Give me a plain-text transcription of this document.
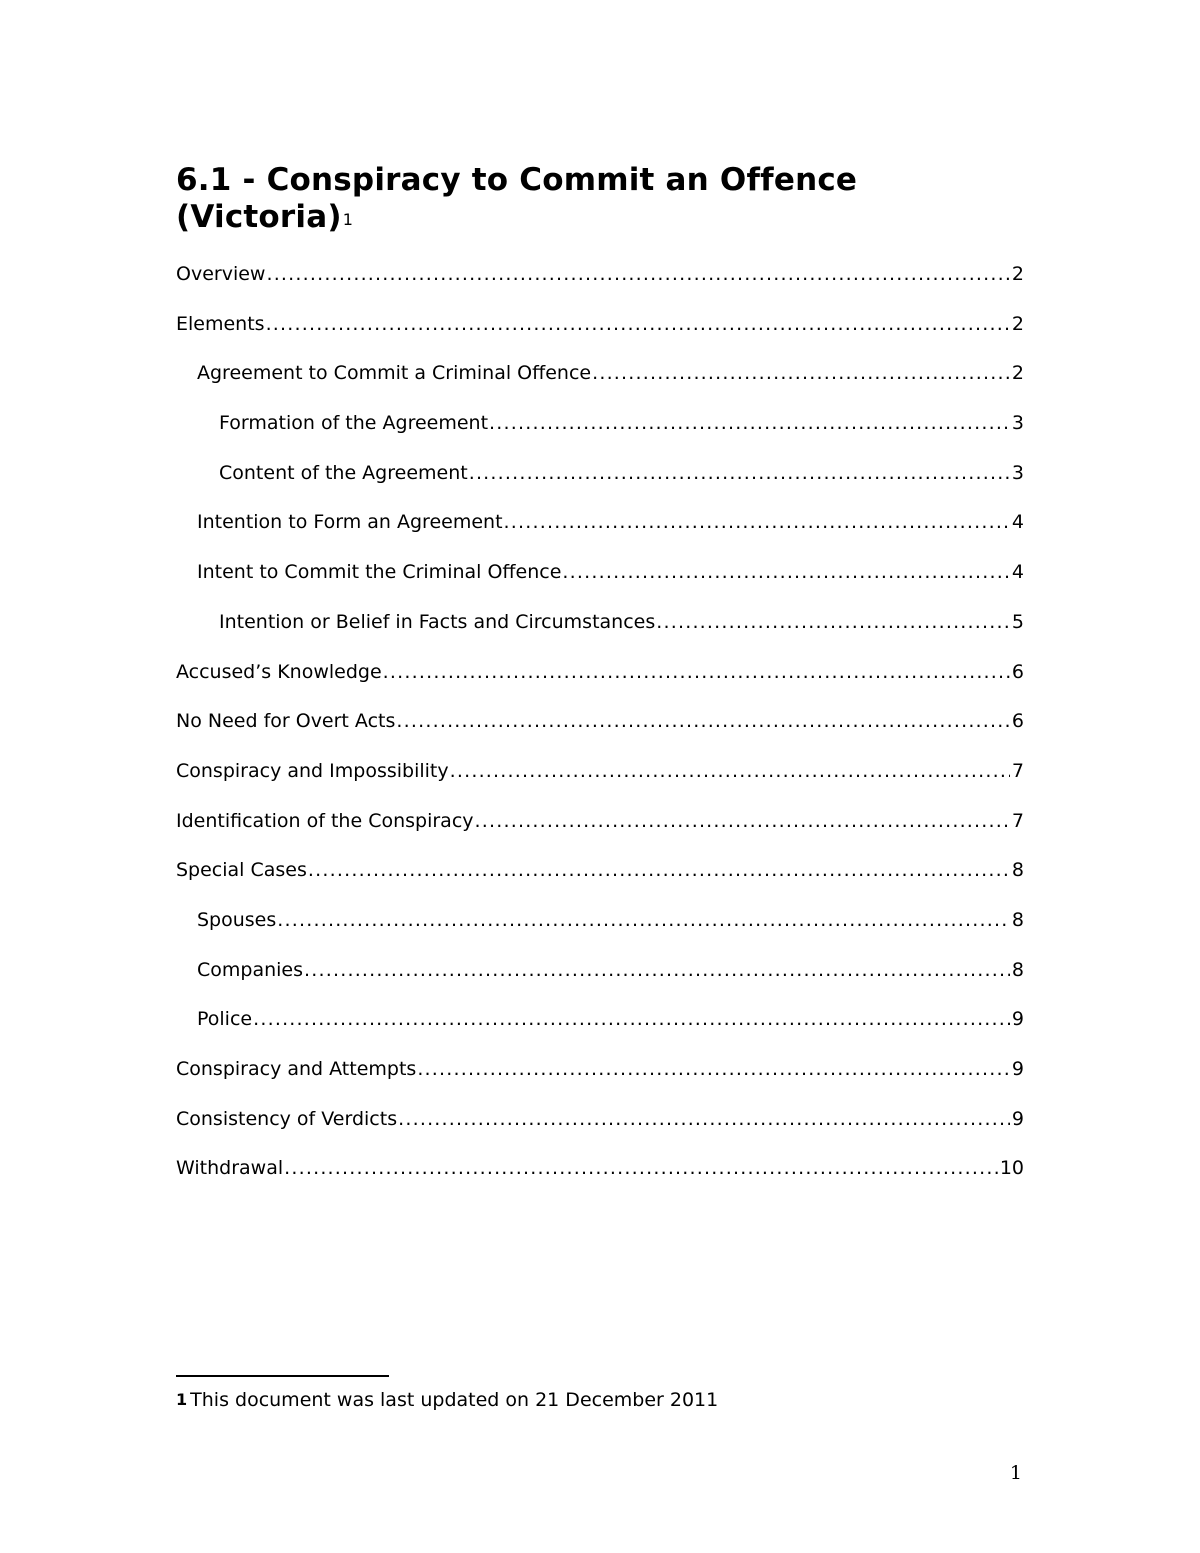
6.1 - Conspiracy to Commit an Offence (Victoria)$^1$
Overview .....	2
Elements .....	2
Agreement to Commit a Criminal Offence .....	2
Formation of the Agreement .....	3
Content of the Agreement .....	3
Intention to Form an Agreement .....	4
Intent to Commit the Criminal Offence .....	4
Intention or Belief in Facts and Circumstances .....	5
Accused’s Knowledge .....	6
No Need for Overt Acts .....	6
Conspiracy and Impossibility .....	7
Identification of the Conspiracy .....	7
Special Cases .....	8
Spouses .....	8
Companies .....	8
Police .....	9
Conspiracy and Attempts .....	9
Consistency of Verdicts .....	9
Withdrawal .....	10

$^1$ This document was last updated on 21 December 2011

1
